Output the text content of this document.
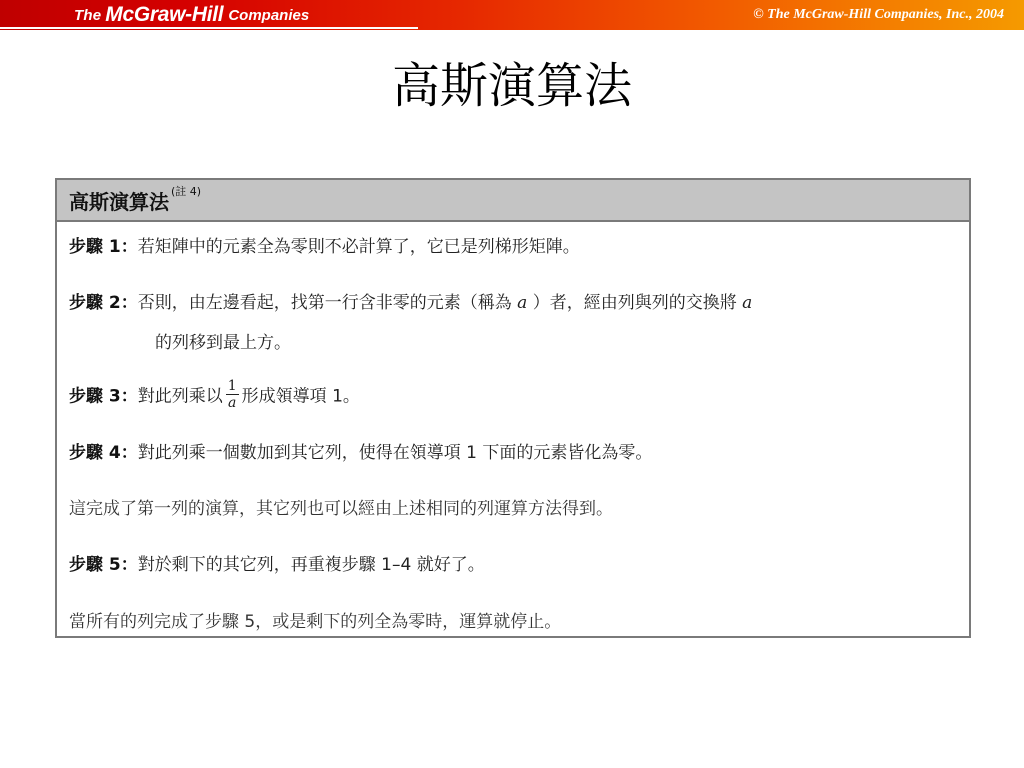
The McGraw-Hill Companies	© The McGraw-Hill Companies, Inc., 2004
高斯演算法
高斯演算法 (註 4)
步驟 1：若矩陣中的元素全為零則不必計算了，它已是列梯形矩陣。
步驟 2：否則，由左邊看起，找第一行含非零的元素（稱為 a ）者，經由列與列的交換將 a
的列移到最上方。
步驟 3：對此列乘以 $\frac{1}{a}$ 形成領導項 1。
步驟 4：對此列乘一個數加到其它列，使得在領導項 1 下面的元素皆化為零。
這完成了第一列的演算，其它列也可以經由上述相同的列運算方法得到。
步驟 5：對於剩下的其它列，再重複步驟 1–4 就好了。
當所有的列完成了步驟 5，或是剩下的列全為零時，運算就停止。
